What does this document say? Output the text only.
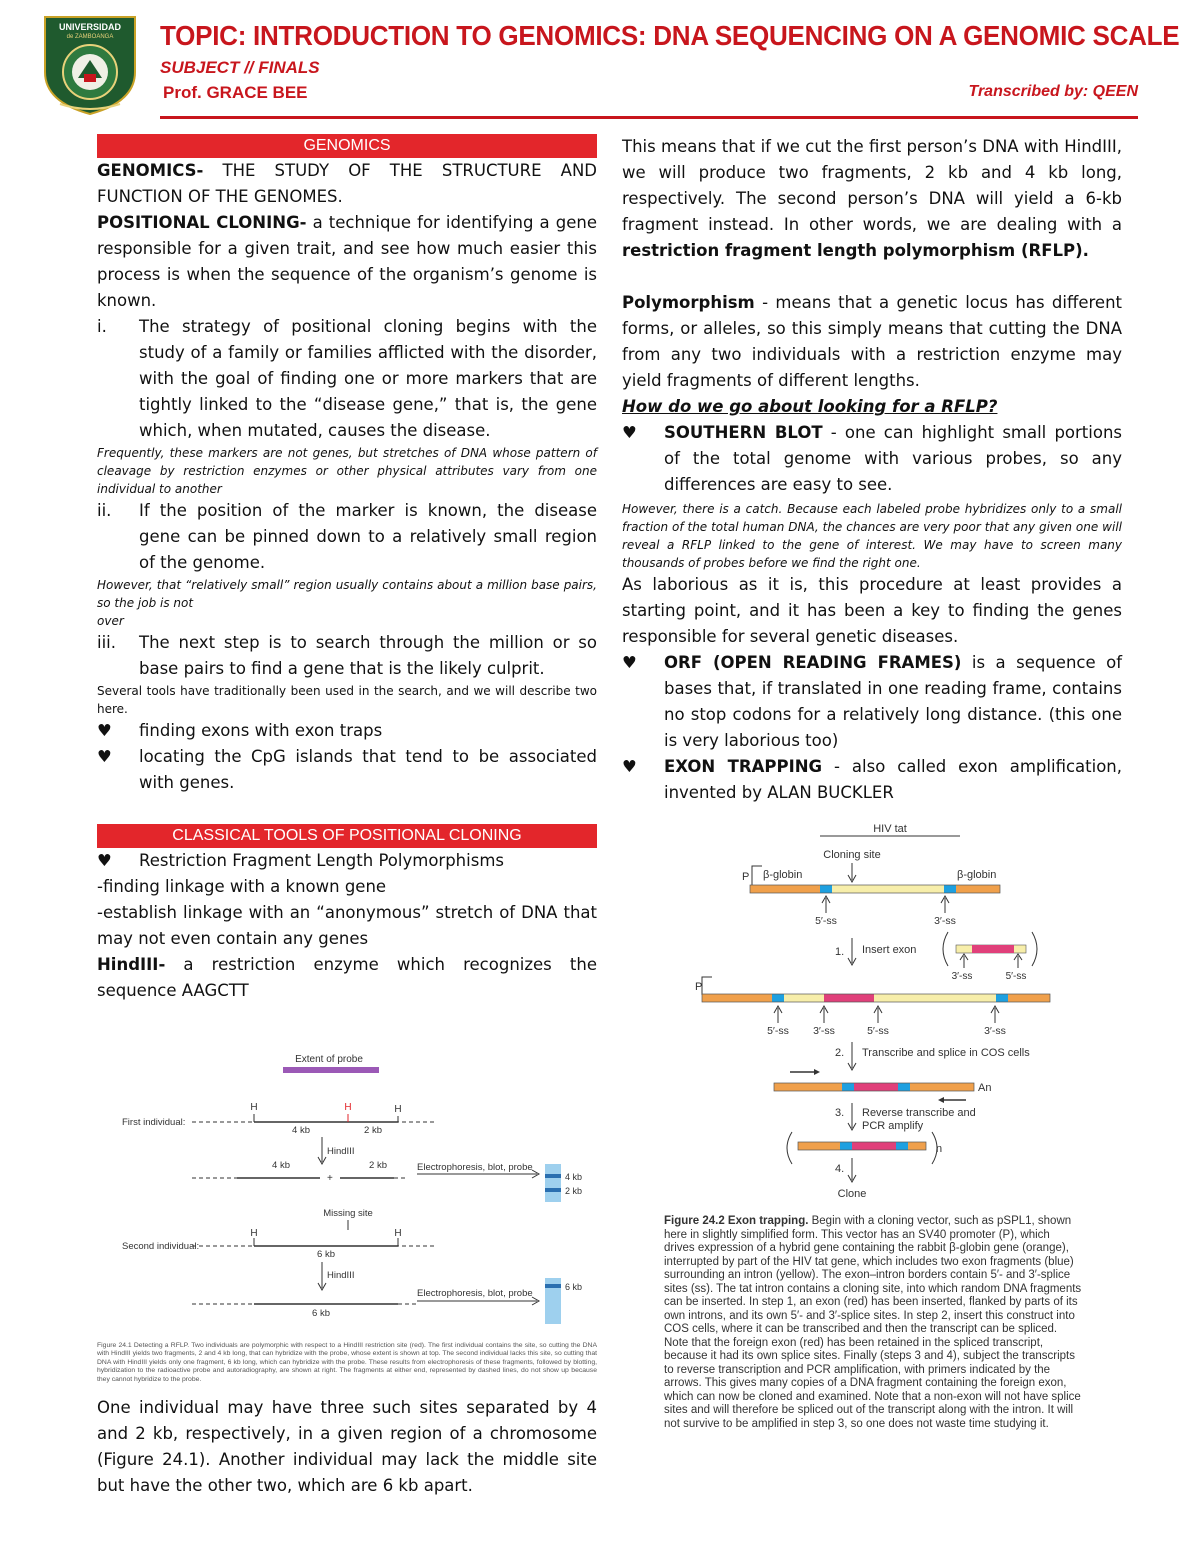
UNIVERSIDAD
de ZAMBOANGA TOPIC: INTRODUCTION TO GENOMICS: DNA SEQUENCING ON A GENOMIC SCALE
SUBJECT // FINALS
Prof. GRACE BEE	Transcribed by: QEEN

GENOMICS

GENOMICS- THE STUDY OF THE STRUCTURE AND FUNCTION OF THE GENOMES.

POSITIONAL CLONING- a technique for identifying a gene responsible for a given trait, and see how much easier this process is when the sequence of the organism’s genome is known.

i.	The strategy of positional cloning begins with the study of a family or families afflicted with the disorder, with the goal of finding one or more markers that are tightly linked to the “disease gene,” that is, the gene which, when mutated, causes the disease.

Frequently, these markers are not genes, but stretches of DNA whose pattern of cleavage by restriction enzymes or other physical attributes vary from one individual to another

ii.	If the position of the marker is known, the disease gene can be pinned down to a relatively small region of the genome.

However, that “relatively small” region usually contains about a million base pairs, so the job is not

over

iii.	The next step is to search through the million or so base pairs to find a gene that is the likely culprit.

Several tools have traditionally been used in the search, and we will describe two here.

♥	finding exons with exon traps
♥	locating the CpG islands that tend to be associated with genes.

CLASSICAL TOOLS OF POSITIONAL CLONING

♥	Restriction Fragment Length Polymorphisms

-finding linkage with a known gene

-establish linkage with an “anonymous” stretch of DNA that may not even contain any genes

HindIII- a restriction enzyme which recognizes the sequence AAGCTT

Extent of probe
First individual:
H	H	H
4 kb	2 kb
HindIII
4 kb	2 kb
+
Electrophoresis, blot, probe
4 kb
2 kb
Missing site
Second individual:
H	H
6 kb
HindIII
6 kb
Electrophoresis, blot, probe
6 kb
Figure 24.1 Detecting a RFLP. Two individuals are polymorphic with respect to a HindIII restriction site (red). The first individual contains the site, so cutting the DNA with HindIII yields two fragments, 2 and 4 kb long, that can hybridize with the probe, whose extent is shown at top. The second individual lacks this site, so cutting that DNA with HindIII yields only one fragment, 6 kb long, which can hybridize with the probe. These results from electrophoresis of these fragments, followed by blotting, hybridization to the radioactive probe and autoradiography, are shown at right. The fragments at either end, represented by dashed lines, do not show up because they cannot hybridize to the probe.

One individual may have three such sites separated by 4 and 2 kb, respectively, in a given region of a chromosome (Figure 24.1). Another individual may lack the middle site but have the other two, which are 6 kb apart.

This means that if we cut the first person’s DNA with HindIII, we will produce two fragments, 2 kb and 4 kb long, respectively. The second person’s DNA will yield a 6-kb fragment instead. In other words, we are dealing with a restriction fragment length polymorphism (RFLP).

Polymorphism - means that a genetic locus has different forms, or alleles, so this simply means that cutting the DNA from any two individuals with a restriction enzyme may yield fragments of different lengths.

How do we go about looking for a RFLP?

♥	SOUTHERN BLOT - one can highlight small portions of the total genome with various probes, so any differences are easy to see.

However, there is a catch. Because each labeled probe hybridizes only to a small fraction of the total human DNA, the chances are very poor that any given one will reveal a RFLP linked to the gene of interest. We may have to screen many thousands of probes before we find the right one.

As laborious as it is, this procedure at least provides a starting point, and it has been a key to finding the genes responsible for several genetic diseases.

♥	ORF (OPEN READING FRAMES) is a sequence of bases that, if translated in one reading frame, contains no stop codons for a relatively long distance. (this one is very laborious too)
♥	EXON TRAPPING - also called exon amplification, invented by ALAN BUCKLER
HIV tat
Cloning site
P β-globin	β-globin
5′-ss	3′-ss
1. Insert exon
3′-ss	5′-ss
P
5′-ss 3′-ss	5′-ss	3′-ss
2. Transcribe and splice in COS cells
An
3. Reverse transcribe and
PCR amplify
n
4.
Clone

Figure 24.2 Exon trapping. Begin with a cloning vector, such as pSPL1, shown here in slightly simplified form. This vector has an SV40 promoter (P), which drives expression of a hybrid gene containing the rabbit β-globin gene (orange), interrupted by part of the HIV tat gene, which includes two exon fragments (blue) surrounding an intron (yellow). The exon–intron borders contain 5′- and 3′-splice sites (ss). The tat intron contains a cloning site, into which random DNA fragments can be inserted. In step 1, an exon (red) has been inserted, flanked by parts of its own introns, and its own 5′- and 3′-splice sites. In step 2, insert this construct into COS cells, where it can be transcribed and then the transcript can be spliced. Note that the foreign exon (red) has been retained in the spliced transcript, because it had its own splice sites. Finally (steps 3 and 4), subject the transcripts to reverse transcription and PCR amplification, with primers indicated by the arrows. This gives many copies of a DNA fragment containing the foreign exon, which can now be cloned and examined. Note that a non-exon will not have splice sites and will therefore be spliced out of the transcript along with the intron. It will not survive to be amplified in step 3, so one does not waste time studying it.
